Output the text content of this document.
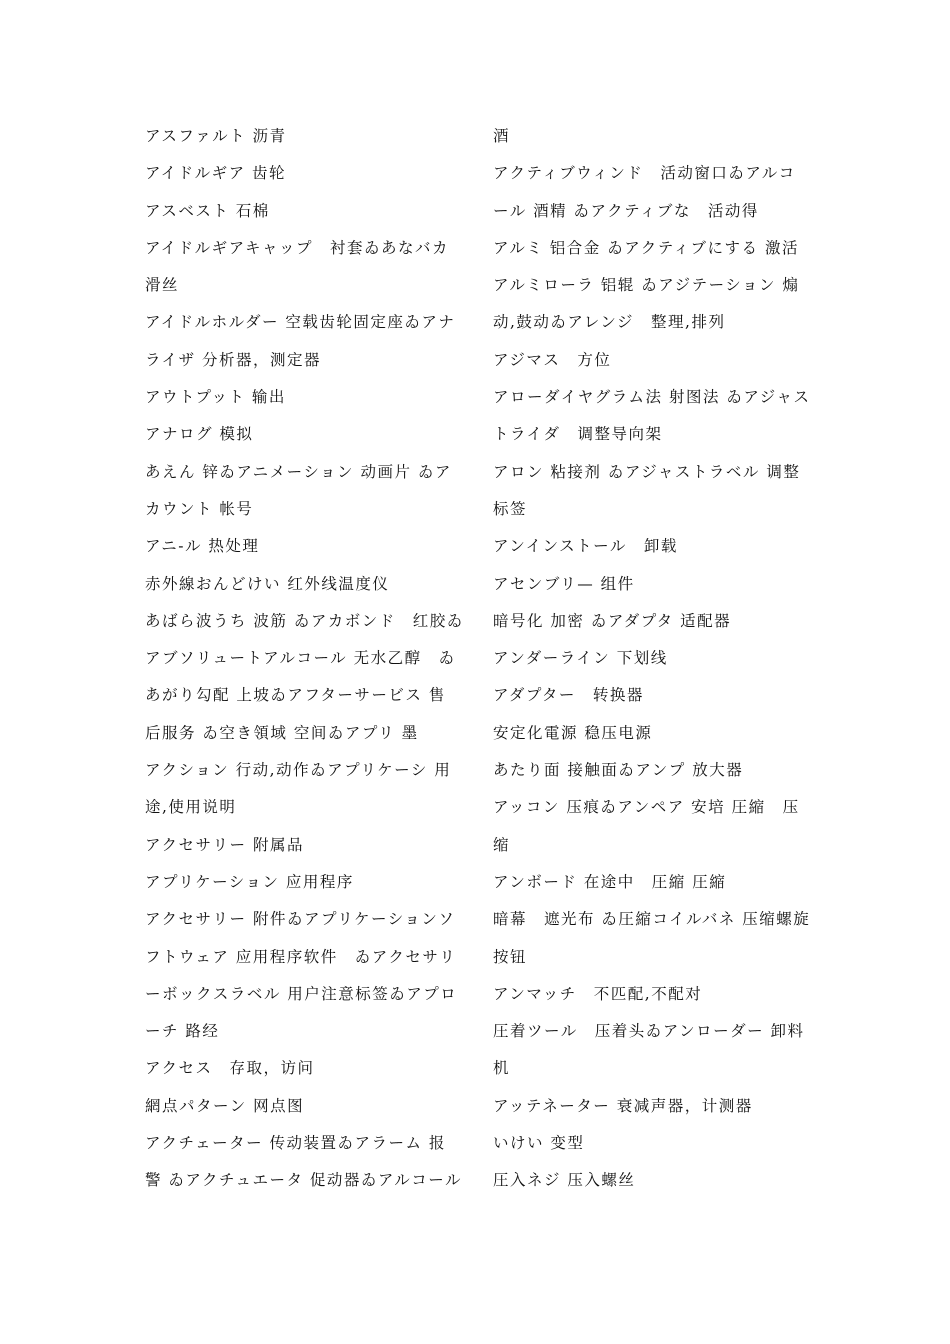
アスファルト 沥青
アイドルギア 齿轮
アスベスト 石棉
アイドルギアキャップ　衬套ゐあなバカ
滑丝
アイドルホルダー 空载齿轮固定座ゐアナ
ライザ 分析器，测定器
アウトプット 输出
アナログ 模拟
あえん 锌ゐアニメーション 动画片 ゐア
カウント 帐号
アニ-ル 热处理
赤外線おんどけい 红外线温度仪
あばら波うち 波筋 ゐアカボンド　红胶ゐ
アブソリュートアルコール 无水乙醇　ゐ
あがり勾配 上坡ゐアフターサービス 售
后服务 ゐ空き領域 空间ゐアプリ 墨
アクション 行动,动作ゐアプリケーシ 用
途,使用说明
アクセサリー 附属品
アプリケーション 应用程序
アクセサリー 附件ゐアプリケーションソ
フトウェア 应用程序软件　ゐアクセサリ
ーボックスラベル 用户注意标签ゐアプロ
ーチ 路经
アクセス　存取，访问
網点パターン 网点图
アクチェーター 传动装置ゐアラーム 报
警 ゐアクチュエータ 促动器ゐアルコール
酒
アクティブウィンド　活动窗口ゐアルコ
ール 酒精 ゐアクティブな　活动得
アルミ 铝合金 ゐアクティブにする 激活
アルミローラ 铝辊 ゐアジテーション 煽
动,鼓动ゐアレンジ　整理,排列
アジマス　方位
アローダイヤグラム法 射图法 ゐアジャス
トライダ　调整导向架
アロン 粘接剂 ゐアジャストラベル 调整
标签
アンインストール　卸载
アセンブリ— 组件
暗号化 加密 ゐアダプタ 适配器
アンダーライン 下划线
アダプター　转换器
安定化電源 稳压电源
あたり面 接触面ゐアンプ 放大器
アッコン 压痕ゐアンペア 安培 圧縮　压
缩
アンボード 在途中　圧縮 圧縮
暗幕　遮光布 ゐ圧縮コイルバネ 压缩螺旋
按钮
アンマッチ　不匹配,不配对
圧着ツール　压着头ゐアンローダー 卸料
机
アッテネーター 衰减声器，计测器
いけい 变型
圧入ネジ 压入螺丝
